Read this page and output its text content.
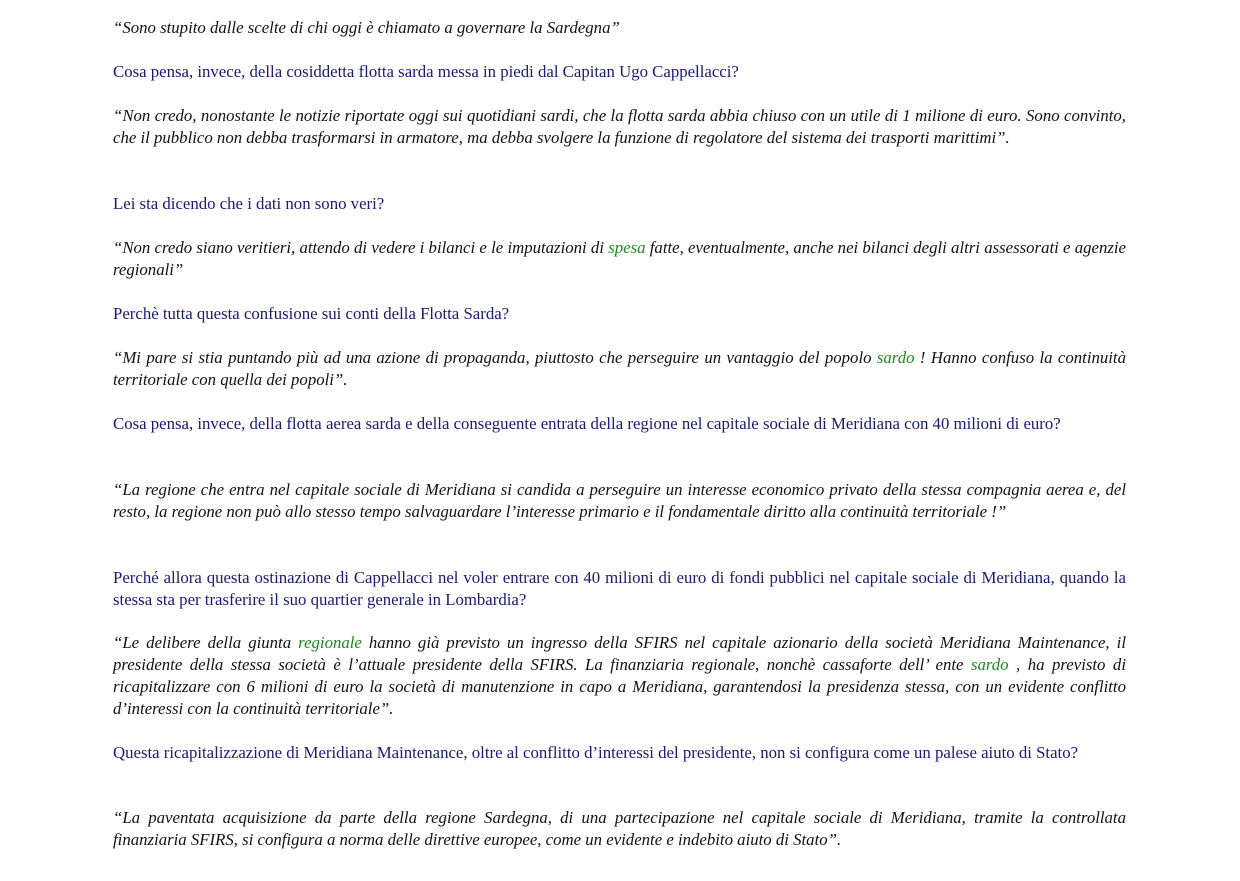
“Sono stupito dalle scelte di chi oggi è chiamato a governare la Sardegna”

Cosa pensa, invece, della cosiddetta flotta sarda messa in piedi dal Capitan Ugo Cappellacci?

“Non credo, nonostante le notizie riportate oggi sui quotidiani sardi, che la flotta sarda abbia chiuso con un utile di 1 milione di euro. Sono convinto, che il pubblico non debba trasformarsi in armatore, ma debba svolgere la funzione di regolatore del sistema dei trasporti marittimi”.

Lei sta dicendo che i dati non sono veri?

“Non credo siano veritieri, attendo di vedere i bilanci e le imputazioni di spesa fatte, eventualmente, anche nei bilanci degli altri assessorati e agenzie regionali”

Perchè tutta questa confusione sui conti della Flotta Sarda?

“Mi pare si stia puntando più ad una azione di propaganda, piuttosto che perseguire un vantaggio del popolo sardo ! Hanno confuso la continuità territoriale con quella dei popoli”.

Cosa pensa, invece, della flotta aerea sarda e della conseguente entrata della regione nel capitale sociale di Meridiana con 40 milioni di euro?

“La regione che entra nel capitale sociale di Meridiana si candida a perseguire un interesse economico privato della stessa compagnia aerea e, del resto, la regione non può allo stesso tempo salvaguardare l’interesse primario e il fondamentale diritto alla continuità territoriale !”

Perché allora questa ostinazione di Cappellacci nel voler entrare con 40 milioni di euro di fondi pubblici nel capitale sociale di Meridiana, quando la stessa sta per trasferire il suo quartier generale in Lombardia?

“Le delibere della giunta regionale hanno già previsto un ingresso della SFIRS nel capitale azionario della società Meridiana Maintenance, il presidente della stessa società è l’attuale presidente della SFIRS. La finanziaria regionale, nonchè cassaforte dell’ ente sardo , ha previsto di ricapitalizzare con 6 milioni di euro la società di manutenzione in capo a Meridiana, garantendosi la presidenza stessa, con un evidente conflitto d’interessi con la continuità territoriale”.

Questa ricapitalizzazione di Meridiana Maintenance, oltre al conflitto d’interessi del presidente, non si configura come un palese aiuto di Stato?

“La paventata acquisizione da parte della regione Sardegna, di una partecipazione nel capitale sociale di Meridiana, tramite la controllata finanziaria SFIRS, si configura a norma delle direttive europee, come un evidente e indebito aiuto di Stato”.
